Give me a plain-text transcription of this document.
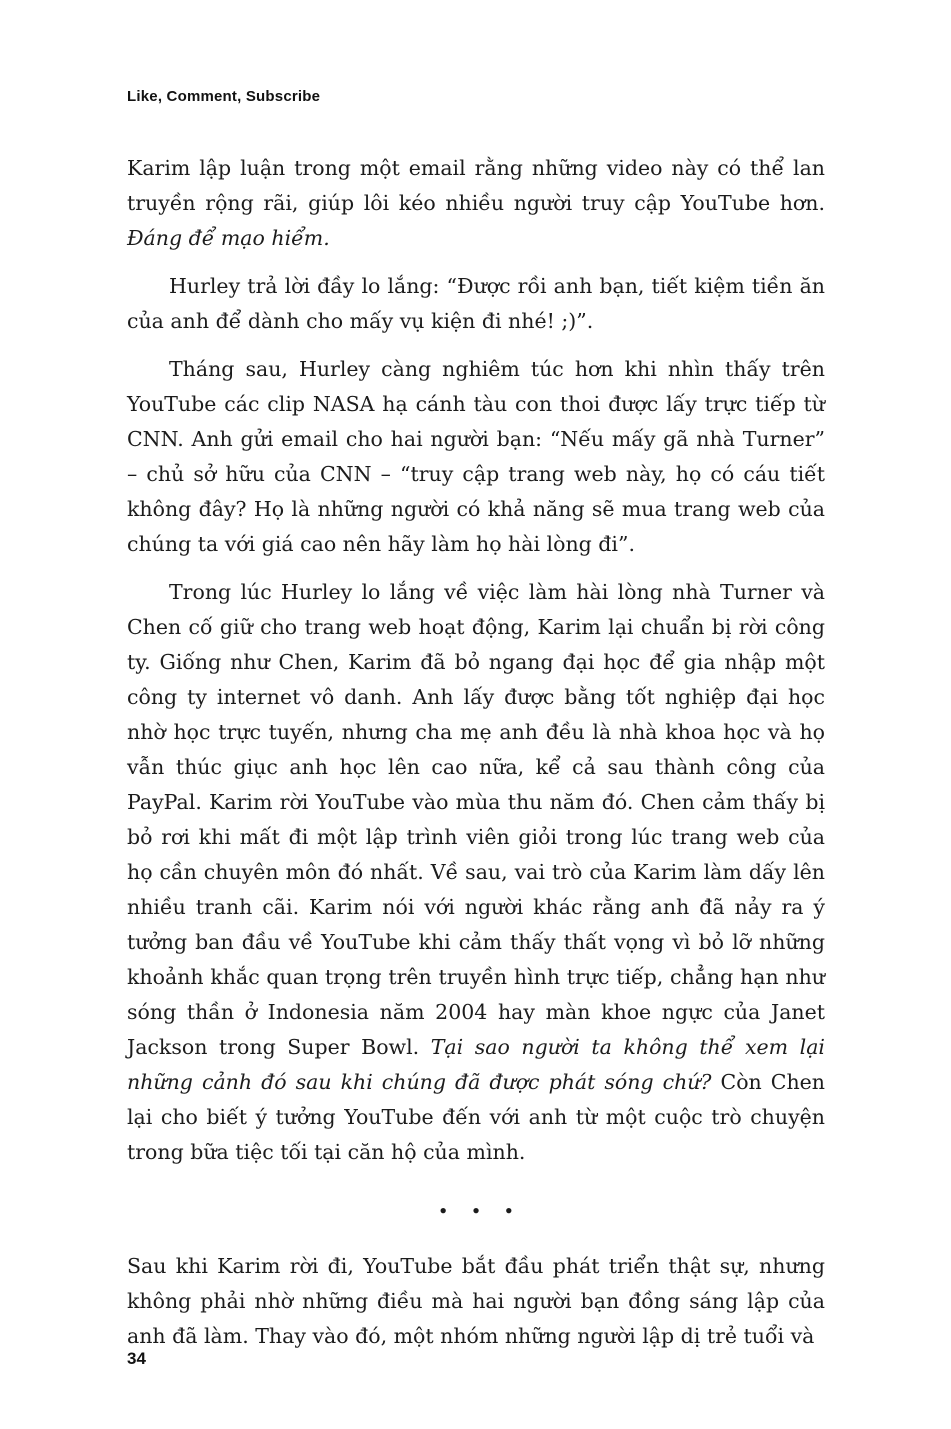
Like, Comment, Subscribe

Karim lập luận trong một email rằng những video này có thể lan truyền rộng rãi, giúp lôi kéo nhiều người truy cập YouTube hơn. Đáng để mạo hiểm.

Hurley trả lời đầy lo lắng: “Được rồi anh bạn, tiết kiệm tiền ăn của anh để dành cho mấy vụ kiện đi nhé! ;)”.

Tháng sau, Hurley càng nghiêm túc hơn khi nhìn thấy trên YouTube các clip NASA hạ cánh tàu con thoi được lấy trực tiếp từ CNN. Anh gửi email cho hai người bạn: “Nếu mấy gã nhà Turner” – chủ sở hữu của CNN – “truy cập trang web này, họ có cáu tiết không đây? Họ là những người có khả năng sẽ mua trang web của chúng ta với giá cao nên hãy làm họ hài lòng đi”.

Trong lúc Hurley lo lắng về việc làm hài lòng nhà Turner và Chen cố giữ cho trang web hoạt động, Karim lại chuẩn bị rời công ty. Giống như Chen, Karim đã bỏ ngang đại học để gia nhập một công ty internet vô danh. Anh lấy được bằng tốt nghiệp đại học nhờ học trực tuyến, nhưng cha mẹ anh đều là nhà khoa học và họ vẫn thúc giục anh học lên cao nữa, kể cả sau thành công của PayPal. Karim rời YouTube vào mùa thu năm đó. Chen cảm thấy bị bỏ rơi khi mất đi một lập trình viên giỏi trong lúc trang web của họ cần chuyên môn đó nhất. Về sau, vai trò của Karim làm dấy lên nhiều tranh cãi. Karim nói với người khác rằng anh đã nảy ra ý tưởng ban đầu về YouTube khi cảm thấy thất vọng vì bỏ lỡ những khoảnh khắc quan trọng trên truyền hình trực tiếp, chẳng hạn như sóng thần ở Indonesia năm 2004 hay màn khoe ngực của Janet Jackson trong Super Bowl. Tại sao người ta không thể xem lại những cảnh đó sau khi chúng đã được phát sóng chứ? Còn Chen lại cho biết ý tưởng YouTube đến với anh từ một cuộc trò chuyện trong bữa tiệc tối tại căn hộ của mình.

• • •

Sau khi Karim rời đi, YouTube bắt đầu phát triển thật sự, nhưng không phải nhờ những điều mà hai người bạn đồng sáng lập của anh đã làm. Thay vào đó, một nhóm những người lập dị trẻ tuổi và

34
